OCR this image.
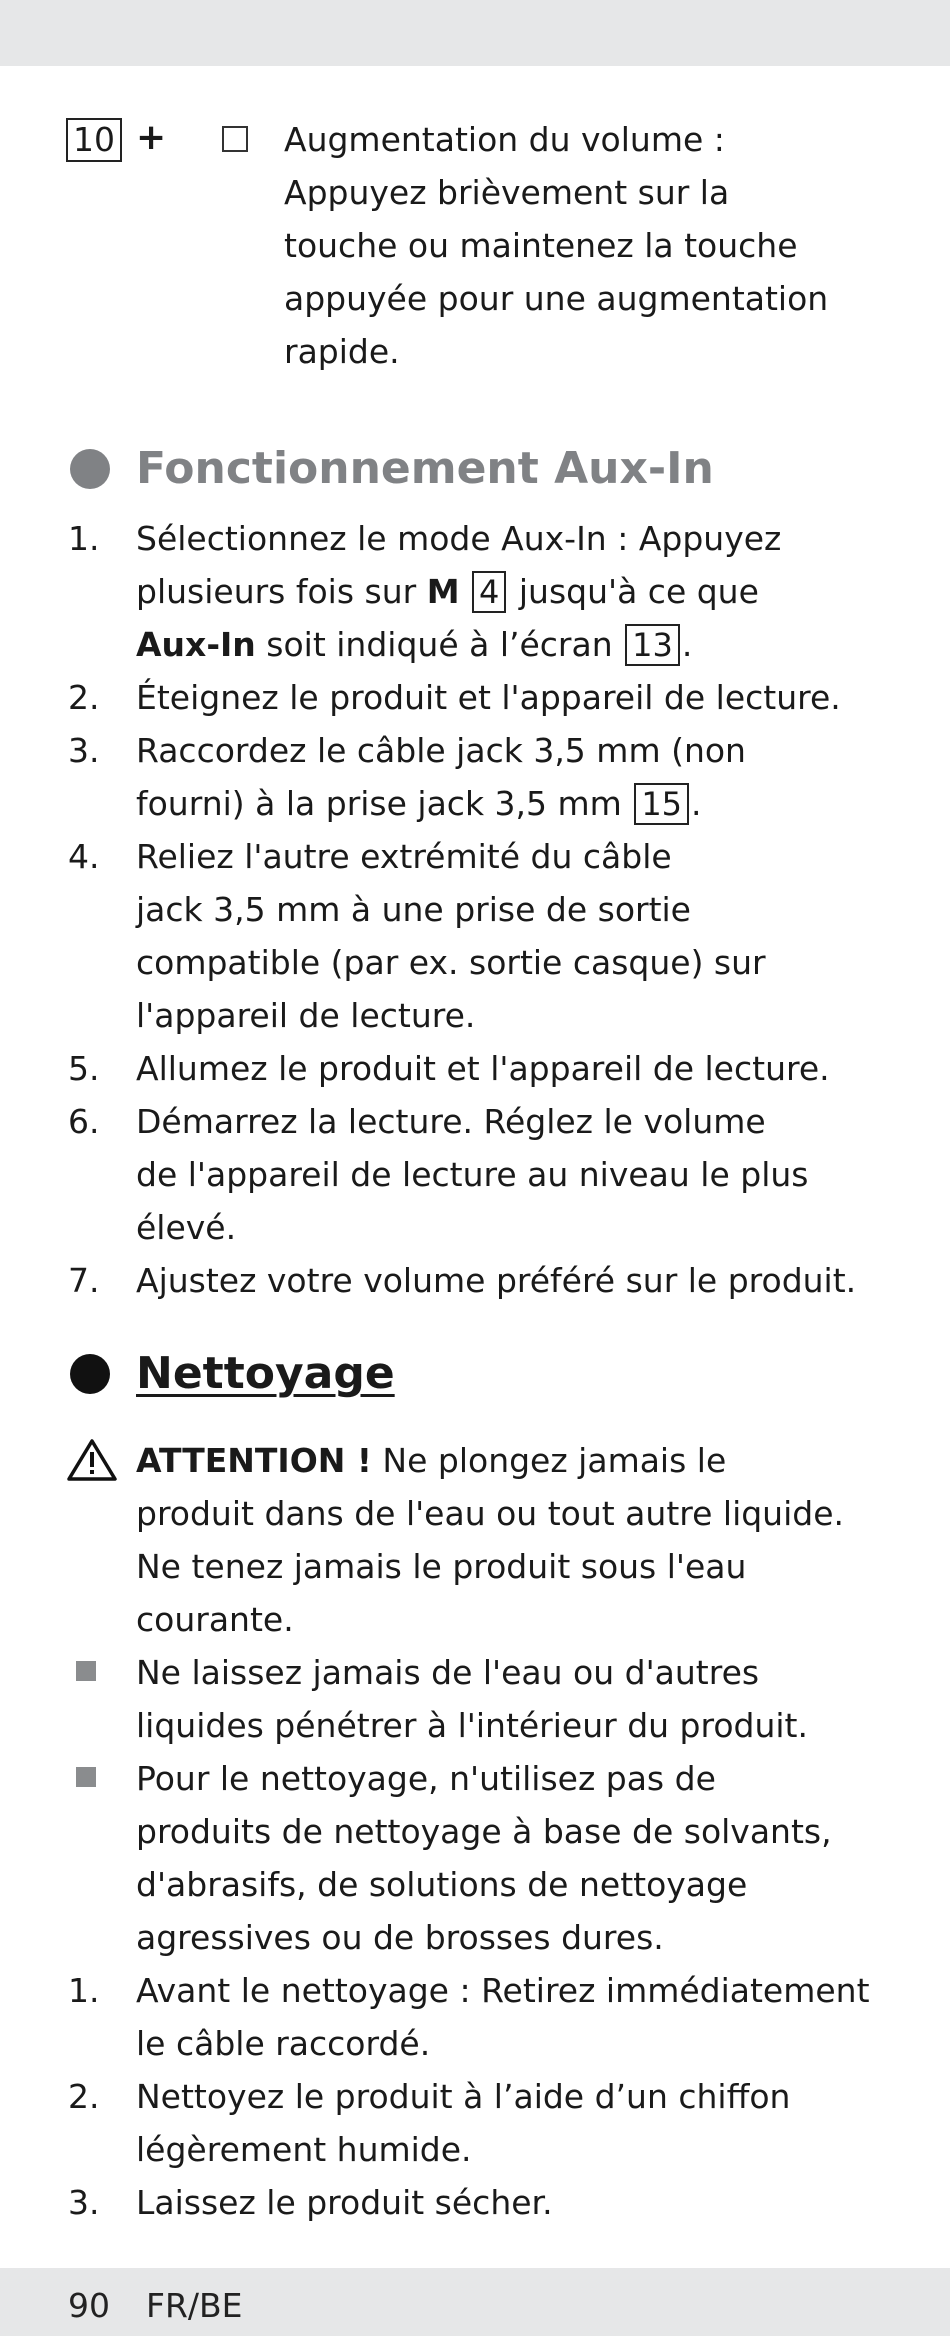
10 +	Augmentation du volume :
Appuyez brièvement sur la
touche ou maintenez la touche
appuyée pour une augmentation
rapide.
Fonctionnement Aux-In
1. Sélectionnez le mode Aux-In : Appuyez
plusieurs fois sur M 4 jusqu'à ce que
Aux-In soit indiqué à l’écran 13 .
2. Éteignez le produit et l'appareil de lecture.
3. Raccordez le câble jack 3,5 mm (non
fourni) à la prise jack 3,5 mm 15 .
4. Reliez l'autre extrémité du câble
jack 3,5 mm à une prise de sortie
compatible (par ex. sortie casque) sur
l'appareil de lecture.
5. Allumez le produit et l'appareil de lecture.
6. Démarrez la lecture. Réglez le volume
de l'appareil de lecture au niveau le plus
élevé.
7. Ajustez votre volume préféré sur le produit.
Nettoyage
ATTENTION ! Ne plongez jamais le
produit dans de l'eau ou tout autre liquide.
Ne tenez jamais le produit sous l'eau
courante.
Ne laissez jamais de l'eau ou d'autres
liquides pénétrer à l'intérieur du produit.
Pour le nettoyage, n'utilisez pas de
produits de nettoyage à base de solvants,
d'abrasifs, de solutions de nettoyage
agressives ou de brosses dures.
1. Avant le nettoyage : Retirez immédiatement
le câble raccordé.
2. Nettoyez le produit à l’aide d’un chiffon
légèrement humide.
3. Laissez le produit sécher.
90 FR/BE
